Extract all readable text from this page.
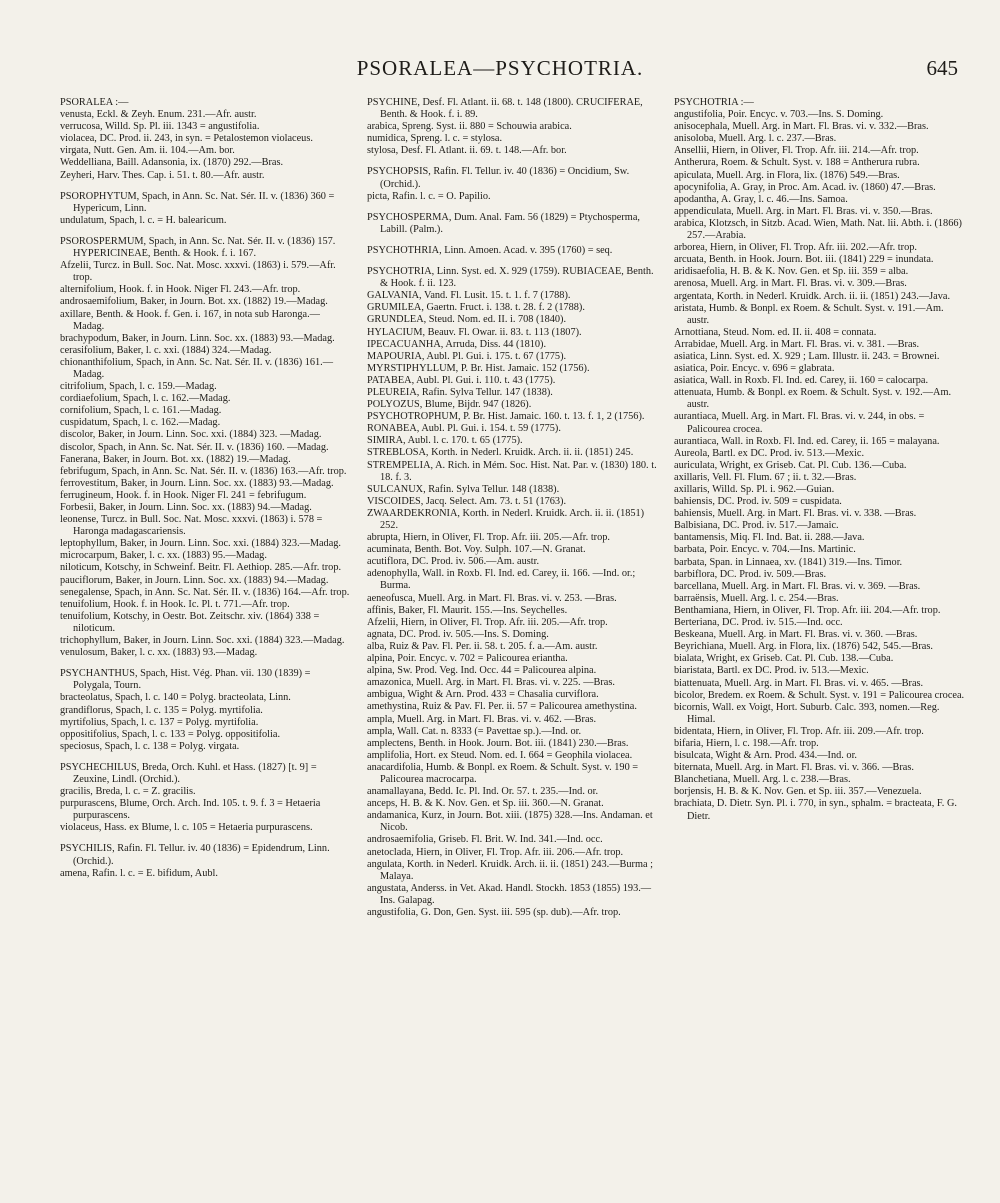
PSORALEA—PSYCHOTRIA.	645

PSORALEA :—

venusta, Eckl. & Zeyh. Enum. 231.—Afr. austr.

verrucosa, Willd. Sp. Pl. iii. 1343 = angustifolia.

violacea, DC. Prod. ii. 243, in syn. = Petalostemon violaceus.

virgata, Nutt. Gen. Am. ii. 104.—Am. bor.

Weddelliana, Baill. Adansonia, ix. (1870) 292.—Bras.

Zeyheri, Harv. Thes. Cap. i. 51. t. 80.—Afr. austr.

PSOROPHYTUM, Spach, in Ann. Sc. Nat. Sér. II. v. (1836) 360 = Hypericum, Linn.

undulatum, Spach, l. c. = H. balearicum.

PSOROSPERMUM, Spach, in Ann. Sc. Nat. Sér. II. v. (1836) 157. HYPERICINEAE, Benth. & Hook. f. i. 167.

Afzelii, Turcz. in Bull. Soc. Nat. Mosc. xxxvi. (1863) i. 579.—Afr. trop.

alternifolium, Hook. f. in Hook. Niger Fl. 243.—Afr. trop.

androsaemifolium, Baker, in Journ. Bot. xx. (1882) 19.—Madag.

axillare, Benth. & Hook. f. Gen. i. 167, in nota sub Haronga.—Madag.

brachypodum, Baker, in Journ. Linn. Soc. xx. (1883) 93.—Madag.

cerasifolium, Baker, l. c. xxi. (1884) 324.—Madag.

chionanthifolium, Spach, in Ann. Sc. Nat. Sér. II. v. (1836) 161.—Madag.

citrifolium, Spach, l. c. 159.—Madag.

cordiaefolium, Spach, l. c. 162.—Madag.

cornifolium, Spach, l. c. 161.—Madag.

cuspidatum, Spach, l. c. 162.—Madag.

discolor, Baker, in Journ. Linn. Soc. xxi. (1884) 323. —Madag.

discolor, Spach, in Ann. Sc. Nat. Sér. II. v. (1836) 160. —Madag.

Fanerana, Baker, in Journ. Bot. xx. (1882) 19.—Madag.

febrifugum, Spach, in Ann. Sc. Nat. Sér. II. v. (1836) 163.—Afr. trop.

ferrovestitum, Baker, in Journ. Linn. Soc. xx. (1883) 93.—Madag.

ferrugineum, Hook. f. in Hook. Niger Fl. 241 = febrifugum.

Forbesii, Baker, in Journ. Linn. Soc. xx. (1883) 94.—Madag.

leonense, Turcz. in Bull. Soc. Nat. Mosc. xxxvi. (1863) i. 578 = Haronga madagascariensis.

leptophyllum, Baker, in Journ. Linn. Soc. xxi. (1884) 323.—Madag.

microcarpum, Baker, l. c. xx. (1883) 95.—Madag.

niloticum, Kotschy, in Schweinf. Beitr. Fl. Aethiop. 285.—Afr. trop.

pauciflorum, Baker, in Journ. Linn. Soc. xx. (1883) 94.—Madag.

senegalense, Spach, in Ann. Sc. Nat. Sér. II. v. (1836) 164.—Afr. trop.

tenuifolium, Hook. f. in Hook. Ic. Pl. t. 771.—Afr. trop.

tenuifolium, Kotschy, in Oestr. Bot. Zeitschr. xiv. (1864) 338 = niloticum.

trichophyllum, Baker, in Journ. Linn. Soc. xxi. (1884) 323.—Madag.

venulosum, Baker, l. c. xx. (1883) 93.—Madag.

PSYCHANTHUS, Spach, Hist. Vég. Phan. vii. 130 (1839) = Polygala, Tourn.

bracteolatus, Spach, l. c. 140 = Polyg. bracteolata, Linn.

grandiflorus, Spach, l. c. 135 = Polyg. myrtifolia.

myrtifolius, Spach, l. c. 137 = Polyg. myrtifolia.

oppositifolius, Spach, l. c. 133 = Polyg. oppositifolia.

speciosus, Spach, l. c. 138 = Polyg. virgata.

PSYCHECHILUS, Breda, Orch. Kuhl. et Hass. (1827) [t. 9] = Zeuxine, Lindl. (Orchid.).

gracilis, Breda, l. c. = Z. gracilis.

purpurascens, Blume, Orch. Arch. Ind. 105. t. 9. f. 3 = Hetaeria purpurascens.

violaceus, Hass. ex Blume, l. c. 105 = Hetaeria purpurascens.

PSYCHILIS, Rafin. Fl. Tellur. iv. 40 (1836) = Epidendrum, Linn. (Orchid.).

amena, Rafin. l. c. = E. bifidum, Aubl.

PSYCHINE, Desf. Fl. Atlant. ii. 68. t. 148 (1800). CRUCIFERAE, Benth. & Hook. f. i. 89.

arabica, Spreng. Syst. ii. 880 = Schouwia arabica.

numidica, Spreng. l. c. = stylosa.

stylosa, Desf. Fl. Atlant. ii. 69. t. 148.—Afr. bor.

PSYCHOPSIS, Rafin. Fl. Tellur. iv. 40 (1836) = Oncidium, Sw. (Orchid.).

picta, Rafin. l. c. = O. Papilio.

PSYCHOSPERMA, Dum. Anal. Fam. 56 (1829) = Ptychosperma, Labill. (Palm.).

PSYCHOTHRIA, Linn. Amoen. Acad. v. 395 (1760) = seq.

PSYCHOTRIA, Linn. Syst. ed. X. 929 (1759). RUBIACEAE, Benth. & Hook. f. ii. 123.

GALVANIA, Vand. Fl. Lusit. 15. t. 1. f. 7 (1788).

GRUMILEA, Gaertn. Fruct. i. 138. t. 28. f. 2 (1788).

GRUNDLEA, Steud. Nom. ed. II. i. 708 (1840).

HYLACIUM, Beauv. Fl. Owar. ii. 83. t. 113 (1807).

IPECACUANHA, Arruda, Diss. 44 (1810).

MAPOURIA, Aubl. Pl. Gui. i. 175. t. 67 (1775).

MYRSTIPHYLLUM, P. Br. Hist. Jamaic. 152 (1756).

PATABEA, Aubl. Pl. Gui. i. 110. t. 43 (1775).

PLEUREIA, Rafin. Sylva Tellur. 147 (1838).

POLYOZUS, Blume, Bijdr. 947 (1826).

PSYCHOTROPHUM, P. Br. Hist. Jamaic. 160. t. 13. f. 1, 2 (1756).

RONABEA, Aubl. Pl. Gui. i. 154. t. 59 (1775).

SIMIRA, Aubl. l. c. 170. t. 65 (1775).

STREBLOSA, Korth. in Nederl. Kruidk. Arch. ii. ii. (1851) 245.

STREMPELIA, A. Rich. in Mém. Soc. Hist. Nat. Par. v. (1830) 180. t. 18. f. 3.

SULCANUX, Rafin. Sylva Tellur. 148 (1838).

VISCOIDES, Jacq. Select. Am. 73. t. 51 (1763).

ZWAARDEKRONIA, Korth. in Nederl. Kruidk. Arch. ii. ii. (1851) 252.

abrupta, Hiern, in Oliver, Fl. Trop. Afr. iii. 205.—Afr. trop.

acuminata, Benth. Bot. Voy. Sulph. 107.—N. Granat.

acutiflora, DC. Prod. iv. 506.—Am. austr.

adenophylla, Wall. in Roxb. Fl. Ind. ed. Carey, ii. 166. —Ind. or.; Burma.

aeneofusca, Muell. Arg. in Mart. Fl. Bras. vi. v. 253. —Bras.

affinis, Baker, Fl. Maurit. 155.—Ins. Seychelles.

Afzelii, Hiern, in Oliver, Fl. Trop. Afr. iii. 205.—Afr. trop.

agnata, DC. Prod. iv. 505.—Ins. S. Doming.

alba, Ruiz & Pav. Fl. Per. ii. 58. t. 205. f. a.—Am. austr.

alpina, Poir. Encyc. v. 702 = Palicourea eriantha.

alpina, Sw. Prod. Veg. Ind. Occ. 44 = Palicourea alpina.

amazonica, Muell. Arg. in Mart. Fl. Bras. vi. v. 225. —Bras.

ambigua, Wight & Arn. Prod. 433 = Chasalia curviflora.

amethystina, Ruiz & Pav. Fl. Per. ii. 57 = Palicourea amethystina.

ampla, Muell. Arg. in Mart. Fl. Bras. vi. v. 462. —Bras.

ampla, Wall. Cat. n. 8333 (= Pavettae sp.).—Ind. or.

amplectens, Benth. in Hook. Journ. Bot. iii. (1841) 230.—Bras.

amplifolia, Hort. ex Steud. Nom. ed. I. 664 = Geophila violacea.

anacardifolia, Humb. & Bonpl. ex Roem. & Schult. Syst. v. 190 = Palicourea macrocarpa.

anamallayana, Bedd. Ic. Pl. Ind. Or. 57. t. 235.—Ind. or.

anceps, H. B. & K. Nov. Gen. et Sp. iii. 360.—N. Granat.

andamanica, Kurz, in Journ. Bot. xiii. (1875) 328.—Ins. Andaman. et Nicob.

androsaemifolia, Griseb. Fl. Brit. W. Ind. 341.—Ind. occ.

anetoclada, Hiern, in Oliver, Fl. Trop. Afr. iii. 206.—Afr. trop.

angulata, Korth. in Nederl. Kruidk. Arch. ii. ii. (1851) 243.—Burma ; Malaya.

angustata, Anderss. in Vet. Akad. Handl. Stockh. 1853 (1855) 193.—Ins. Galapag.

angustifolia, G. Don, Gen. Syst. iii. 595 (sp. dub).—Afr. trop.

PSYCHOTRIA :—

angustifolia, Poir. Encyc. v. 703.—Ins. S. Doming.

anisocephala, Muell. Arg. in Mart. Fl. Bras. vi. v. 332.—Bras.

anisoloba, Muell. Arg. l. c. 237.—Bras.

Ansellii, Hiern, in Oliver, Fl. Trop. Afr. iii. 214.—Afr. trop.

Antherura, Roem. & Schult. Syst. v. 188 = Antherura rubra.

apiculata, Muell. Arg. in Flora, lix. (1876) 549.—Bras.

apocynifolia, A. Gray, in Proc. Am. Acad. iv. (1860) 47.—Bras.

apodantha, A. Gray, l. c. 46.—Ins. Samoa.

appendiculata, Muell. Arg. in Mart. Fl. Bras. vi. v. 350.—Bras.

arabica, Klotzsch, in Sitzb. Acad. Wien, Math. Nat. lii. Abth. i. (1866) 257.—Arabia.

arborea, Hiern, in Oliver, Fl. Trop. Afr. iii. 202.—Afr. trop.

arcuata, Benth. in Hook. Journ. Bot. iii. (1841) 229 = inundata.

aridisaefolia, H. B. & K. Nov. Gen. et Sp. iii. 359 = alba.

arenosa, Muell. Arg. in Mart. Fl. Bras. vi. v. 309.—Bras.

argentata, Korth. in Nederl. Kruidk. Arch. ii. ii. (1851) 243.—Java.

aristata, Humb. & Bonpl. ex Roem. & Schult. Syst. v. 191.—Am. austr.

Arnottiana, Steud. Nom. ed. II. ii. 408 = connata.

Arrabidae, Muell. Arg. in Mart. Fl. Bras. vi. v. 381. —Bras.

asiatica, Linn. Syst. ed. X. 929 ; Lam. Illustr. ii. 243. = Brownei.

asiatica, Poir. Encyc. v. 696 = glabrata.

asiatica, Wall. in Roxb. Fl. Ind. ed. Carey, ii. 160 = calocarpa.

attenuata, Humb. & Bonpl. ex Roem. & Schult. Syst. v. 192.—Am. austr.

aurantiaca, Muell. Arg. in Mart. Fl. Bras. vi. v. 244, in obs. = Palicourea crocea.

aurantiaca, Wall. in Roxb. Fl. Ind. ed. Carey, ii. 165 = malayana.

Aureola, Bartl. ex DC. Prod. iv. 513.—Mexic.

auriculata, Wright, ex Griseb. Cat. Pl. Cub. 136.—Cuba.

axillaris, Vell. Fl. Flum. 67 ; ii. t. 32.—Bras.

axillaris, Willd. Sp. Pl. i. 962.—Guian.

bahiensis, DC. Prod. iv. 509 = cuspidata.

bahiensis, Muell. Arg. in Mart. Fl. Bras. vi. v. 338. —Bras.

Balbisiana, DC. Prod. iv. 517.—Jamaic.

bantamensis, Miq. Fl. Ind. Bat. ii. 288.—Java.

barbata, Poir. Encyc. v. 704.—Ins. Martinic.

barbata, Span. in Linnaea, xv. (1841) 319.—Ins. Timor.

barbiflora, DC. Prod. iv. 509.—Bras.

barcellana, Muell. Arg. in Mart. Fl. Bras. vi. v. 369. —Bras.

barraënsis, Muell. Arg. l. c. 254.—Bras.

Benthamiana, Hiern, in Oliver, Fl. Trop. Afr. iii. 204.—Afr. trop.

Berteriana, DC. Prod. iv. 515.—Ind. occ.

Beskeana, Muell. Arg. in Mart. Fl. Bras. vi. v. 360. —Bras.

Beyrichiana, Muell. Arg. in Flora, lix. (1876) 542, 545.—Bras.

bialata, Wright, ex Griseb. Cat. Pl. Cub. 138.—Cuba.

biaristata, Bartl. ex DC. Prod. iv. 513.—Mexic.

biattenuata, Muell. Arg. in Mart. Fl. Bras. vi. v. 465. —Bras.

bicolor, Bredem. ex Roem. & Schult. Syst. v. 191 = Palicourea crocea.

bicornis, Wall. ex Voigt, Hort. Suburb. Calc. 393, nomen.—Reg. Himal.

bidentata, Hiern, in Oliver, Fl. Trop. Afr. iii. 209.—Afr. trop.

bifaria, Hiern, l. c. 198.—Afr. trop.

bisulcata, Wight & Arn. Prod. 434.—Ind. or.

biternata, Muell. Arg. in Mart. Fl. Bras. vi. v. 366. —Bras.

Blanchetiana, Muell. Arg. l. c. 238.—Bras.

borjensis, H. B. & K. Nov. Gen. et Sp. iii. 357.—Venezuela.

brachiata, D. Dietr. Syn. Pl. i. 770, in syn., sphalm. = bracteata, F. G. Dietr.
